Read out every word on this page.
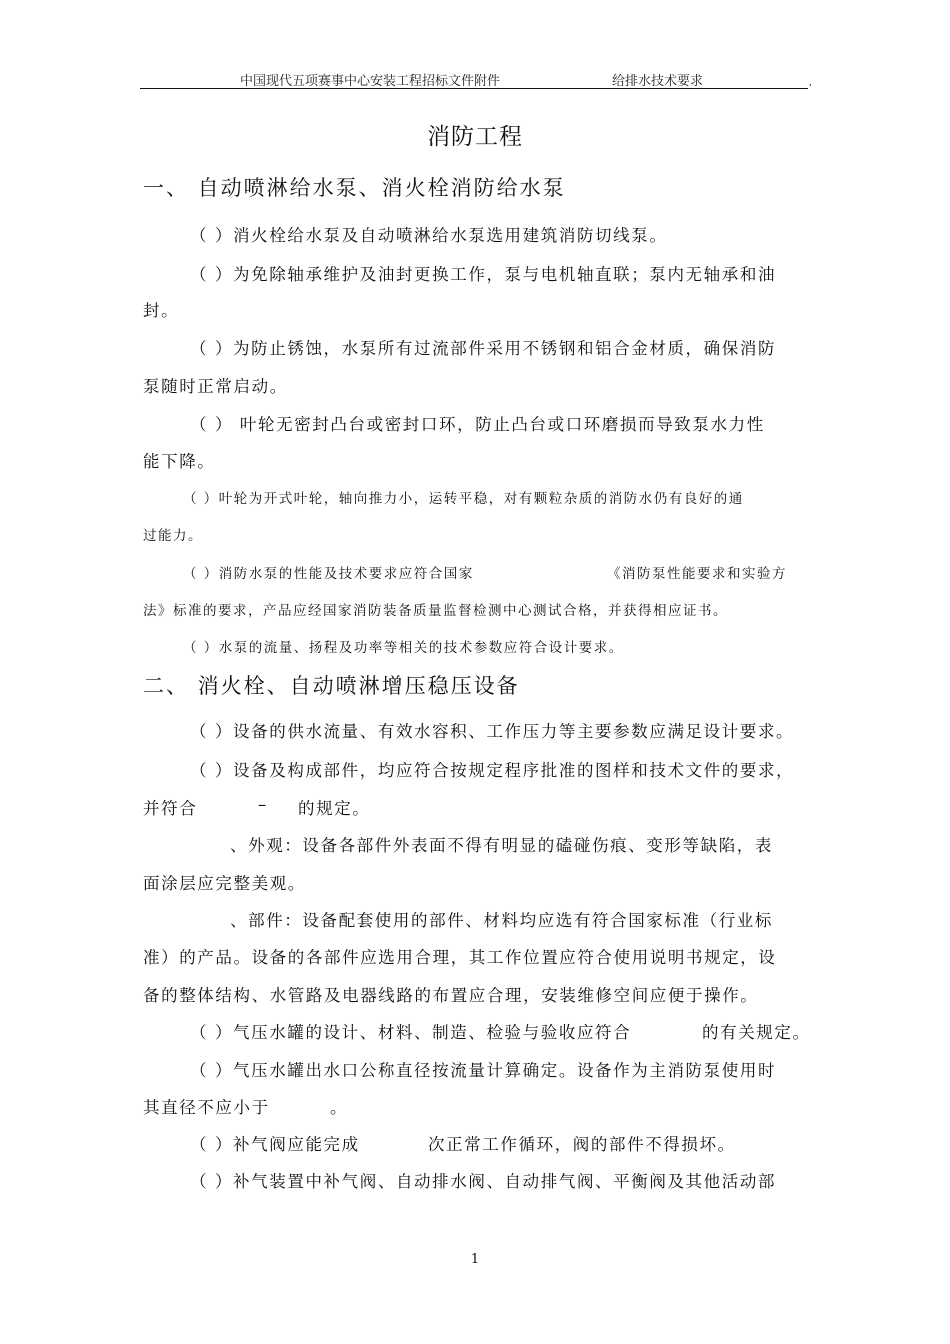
中国现代五项赛事中心安装工程招标文件附件	给排水技术要求	,
消防工程
一、 自动喷淋给水泵、消火栓消防给水泵
（ ）消火栓给水泵及自动喷淋给水泵选用建筑消防切线泵。
（ ）为免除轴承维护及油封更换工作，泵与电机轴直联；泵内无轴承和油
封。
（ ）为防止锈蚀，水泵所有过流部件采用不锈钢和铝合金材质，确保消防
泵随时正常启动。
（ ） 叶轮无密封凸台或密封口环，防止凸台或口环磨损而导致泵水力性
能下降。
（ ）叶轮为开式叶轮，轴向推力小，运转平稳，对有颗粒杂质的消防水仍有良好的通
过能力。
（ ）消防水泵的性能及技术要求应符合国家	《消防泵性能要求和实验方
法》标准的要求，产品应经国家消防装备质量监督检测中心测试合格，并获得相应证书。
（ ）水泵的流量、扬程及功率等相关的技术参数应符合设计要求。
二、 消火栓、自动喷淋增压稳压设备
（ ）设备的供水流量、有效水容积、工作压力等主要参数应满足设计要求。
（ ）设备及构成部件，均应符合按规定程序批准的图样和技术文件的要求，
并符合	– 的规定。
、外观：设备各部件外表面不得有明显的磕碰伤痕、变形等缺陷，表
面涂层应完整美观。
、部件：设备配套使用的部件、材料均应选有符合国家标准（行业标
准）的产品。设备的各部件应选用合理，其工作位置应符合使用说明书规定，设
备的整体结构、水管路及电器线路的布置应合理，安装维修空间应便于操作。
（ ）气压水罐的设计、材料、制造、检验与验收应符合	的有关规定。
（ ）气压水罐出水口公称直径按流量计算确定。设备作为主消防泵使用时
其直径不应小于	。
（ ）补气阀应能完成	次正常工作循环，阀的部件不得损坏。
（ ）补气装置中补气阀、自动排水阀、自动排气阀、平衡阀及其他活动部
1
